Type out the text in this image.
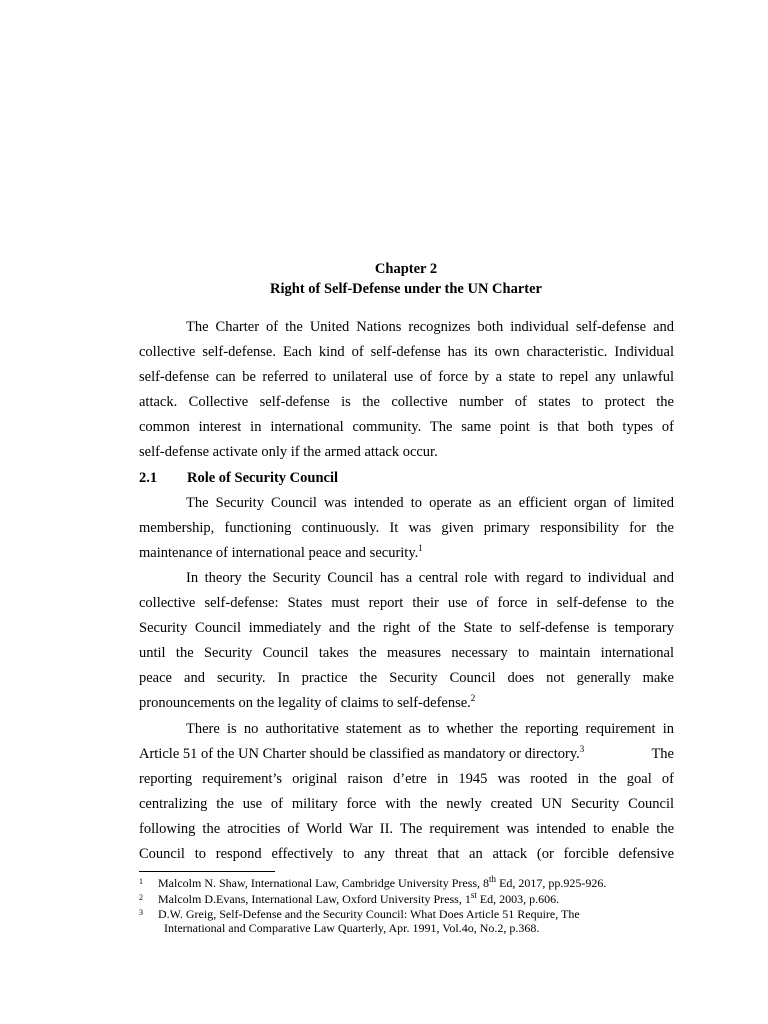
Chapter 2
Right of Self-Defense under the UN Charter
The Charter of the United Nations recognizes both individual self-defense and
collective self-defense. Each kind of self-defense has its own characteristic. Individual
self-defense can be referred to unilateral use of force by a state to repel any unlawful
attack. Collective self-defense is the collective number of states to protect the
common interest in international community. The same point is that both types of
self-defense activate only if the armed attack occur.
2.1 Role of Security Council
The Security Council was intended to operate as an efficient organ of limited
membership, functioning continuously. It was given primary responsibility for the
maintenance of international peace and security.$^1$
In theory the Security Council has a central role with regard to individual and
collective self-defense: States must report their use of force in self-defense to the
Security Council immediately and the right of the State to self-defense is temporary
until the Security Council takes the measures necessary to maintain international
peace and security. In practice the Security Council does not generally make
pronouncements on the legality of claims to self-defense.$^2$
There is no authoritative statement as to whether the reporting requirement in
Article 51 of the UN Charter should be classified as mandatory or directory.$^3$	The
reporting requirement’s original raison d’etre in 1945 was rooted in the goal of
centralizing the use of military force with the newly created UN Security Council
following the atrocities of World War II. The requirement was intended to enable the
Council to respond effectively to any threat that an attack (or forcible defensive
1 Malcolm N. Shaw, International Law, Cambridge University Press, 8th Ed, 2017, pp.925-926.
2 Malcolm D.Evans, International Law, Oxford University Press, 1st Ed, 2003, p.606.
3 D.W. Greig, Self-Defense and the Security Council: What Does Article 51 Require, The
International and Comparative Law Quarterly, Apr. 1991, Vol.4o, No.2, p.368.
